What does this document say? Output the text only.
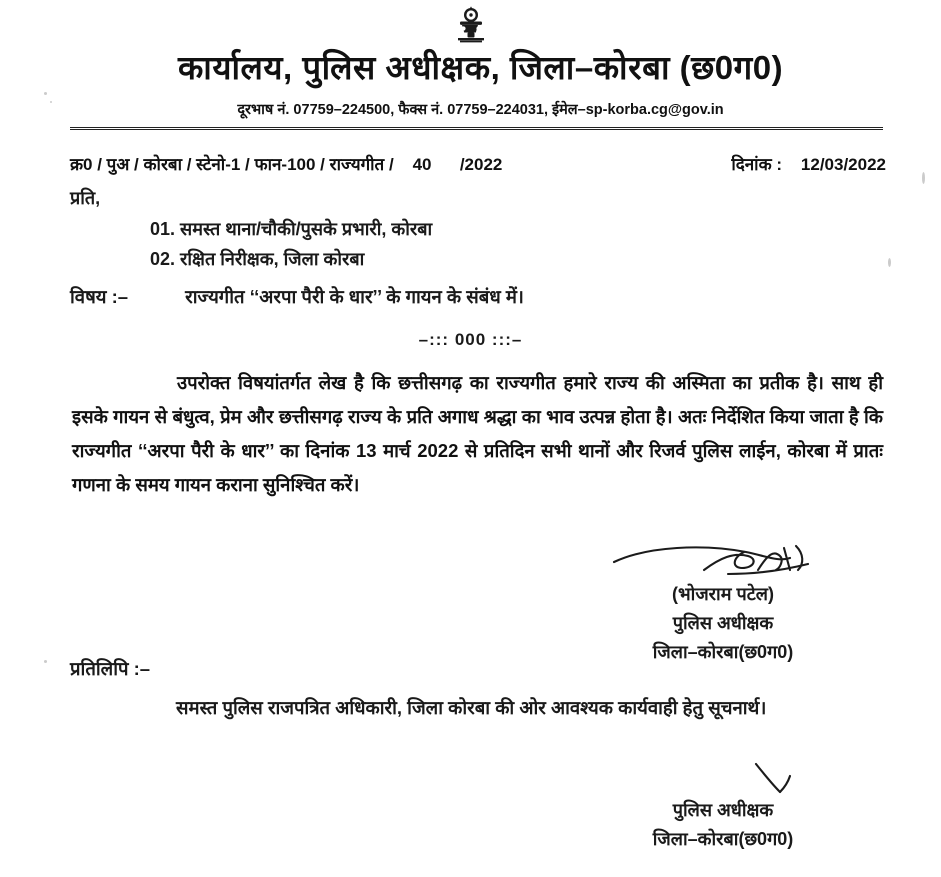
कार्यालय, पुलिस अधीक्षक, जिला–कोरबा (छ0ग0)
दूरभाष नं. 07759–224500, फैक्स नं. 07759–224031, ईमेल–sp-korba.cg@gov.in
क्र0 / पुअ / कोरबा / स्टेनो-1 / फान-100 / राज्यगीत /    40      /2022	दिनांक :    12/03/2022
प्रति,
01. समस्त थाना/चौकी/पुसके प्रभारी, कोरबा
02. रक्षित निरीक्षक, जिला कोरबा
विषय :–	राज्यगीत ‘‘अरपा पैरी के धार’’ के गायन के संबंध में।
–::: 000 :::–
उपरोक्त विषयांतर्गत लेख है कि छत्तीसगढ़ का राज्यगीत हमारे राज्य की अस्मिता का प्रतीक है। साथ ही इसके गायन से बंधुत्व, प्रेम और छत्तीसगढ़ राज्य के प्रति अगाध श्रद्धा का भाव उत्पन्न होता है। अतः निर्देशित किया जाता है कि राज्यगीत ‘‘अरपा पैरी के धार’’ का दिनांक 13 मार्च 2022 से प्रतिदिन सभी थानों और रिजर्व पुलिस लाईन, कोरबा में प्रातः गणना के समय गायन कराना सुनिश्चित करें।
(भोजराम पटेल)
पुलिस अधीक्षक
जिला–कोरबा(छ0ग0)
प्रतिलिपि :–
समस्त पुलिस राजपत्रित अधिकारी, जिला कोरबा की ओर आवश्यक कार्यवाही हेतु सूचनार्थ।
पुलिस अधीक्षक
जिला–कोरबा(छ0ग0)
